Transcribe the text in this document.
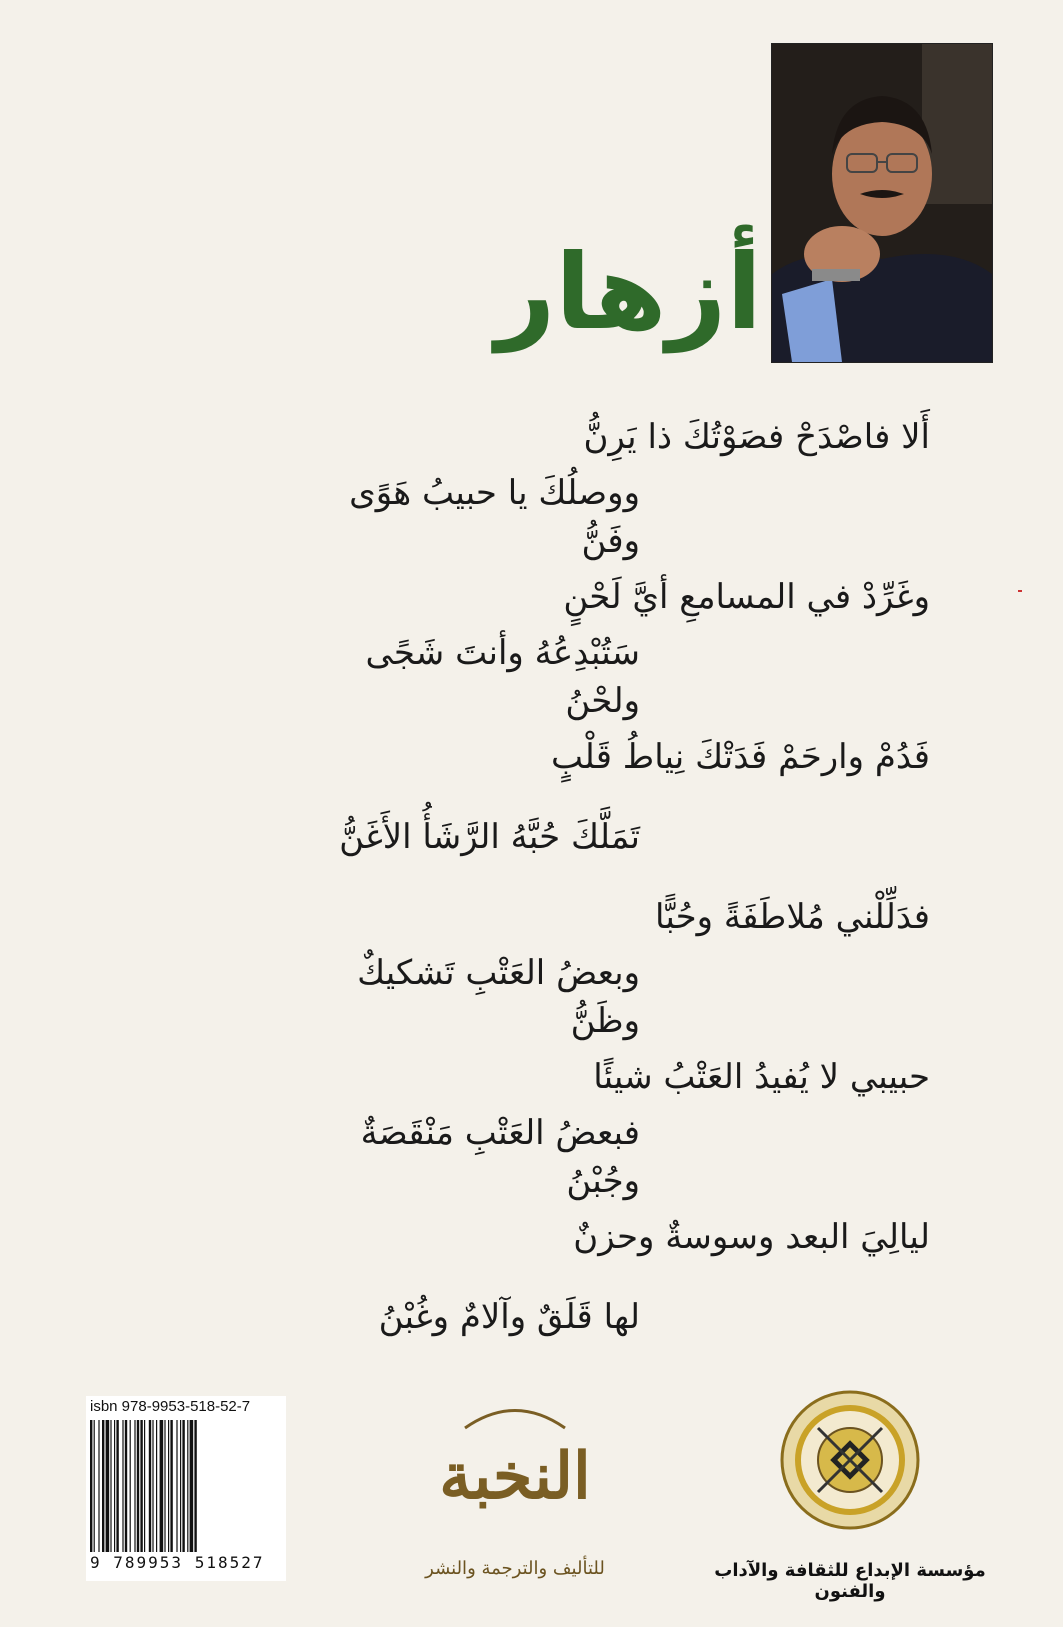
أزهار
أَلا فاصْدَحْ فصَوْتُكَ ذا يَرِنُّ
ووصلُكَ يا حبيبُ هَوًى وفَنُّ
وغَرِّدْ في المسامعِ أيَّ لَحْنٍ
سَتُبْدِعُهُ وأنتَ شَجًى ولحْنُ
فَدُمْ وارحَمْ فَدَتْكَ نِياطُ قَلْبٍ
تَمَلَّكَ حُبَّهُ الرَّشَأُ الأَغَنُّ
فدَلِّلْني مُلاطَفَةً وحُبًّا
وبعضُ العَتْبِ تَشكيكٌ وظَنُّ
حبيبي لا يُفيدُ العَتْبُ شيئًا
فبعضُ العَتْبِ مَنْقَصَةٌ وجُبْنُ
ليالِيَ البعد وسوسةٌ وحزنٌ
لها قَلَقٌ وآلامٌ وغُبْنُ
isbn 978-9953-518-52-7
9 789953 518527
النخبة
للتأليف والترجمة والنشر	مؤسسة الإبداع للثقافة والآداب والفنون
